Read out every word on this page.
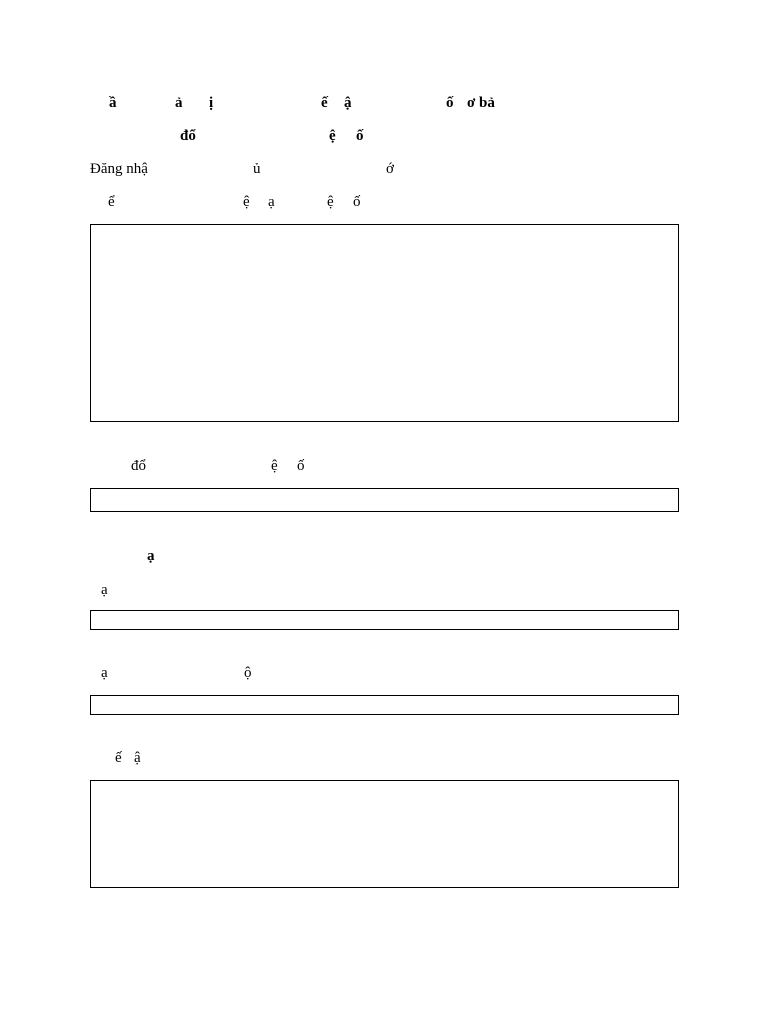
ầ	ả ị	ế ậ	ố ơ bả
đổ	ệ ố
Đăng nhậ	ủ	ớ
ể	ệ ạ	ệ ố
đổ	ệ ố
ạ
ạ
ạ	ộ
ế ậ
